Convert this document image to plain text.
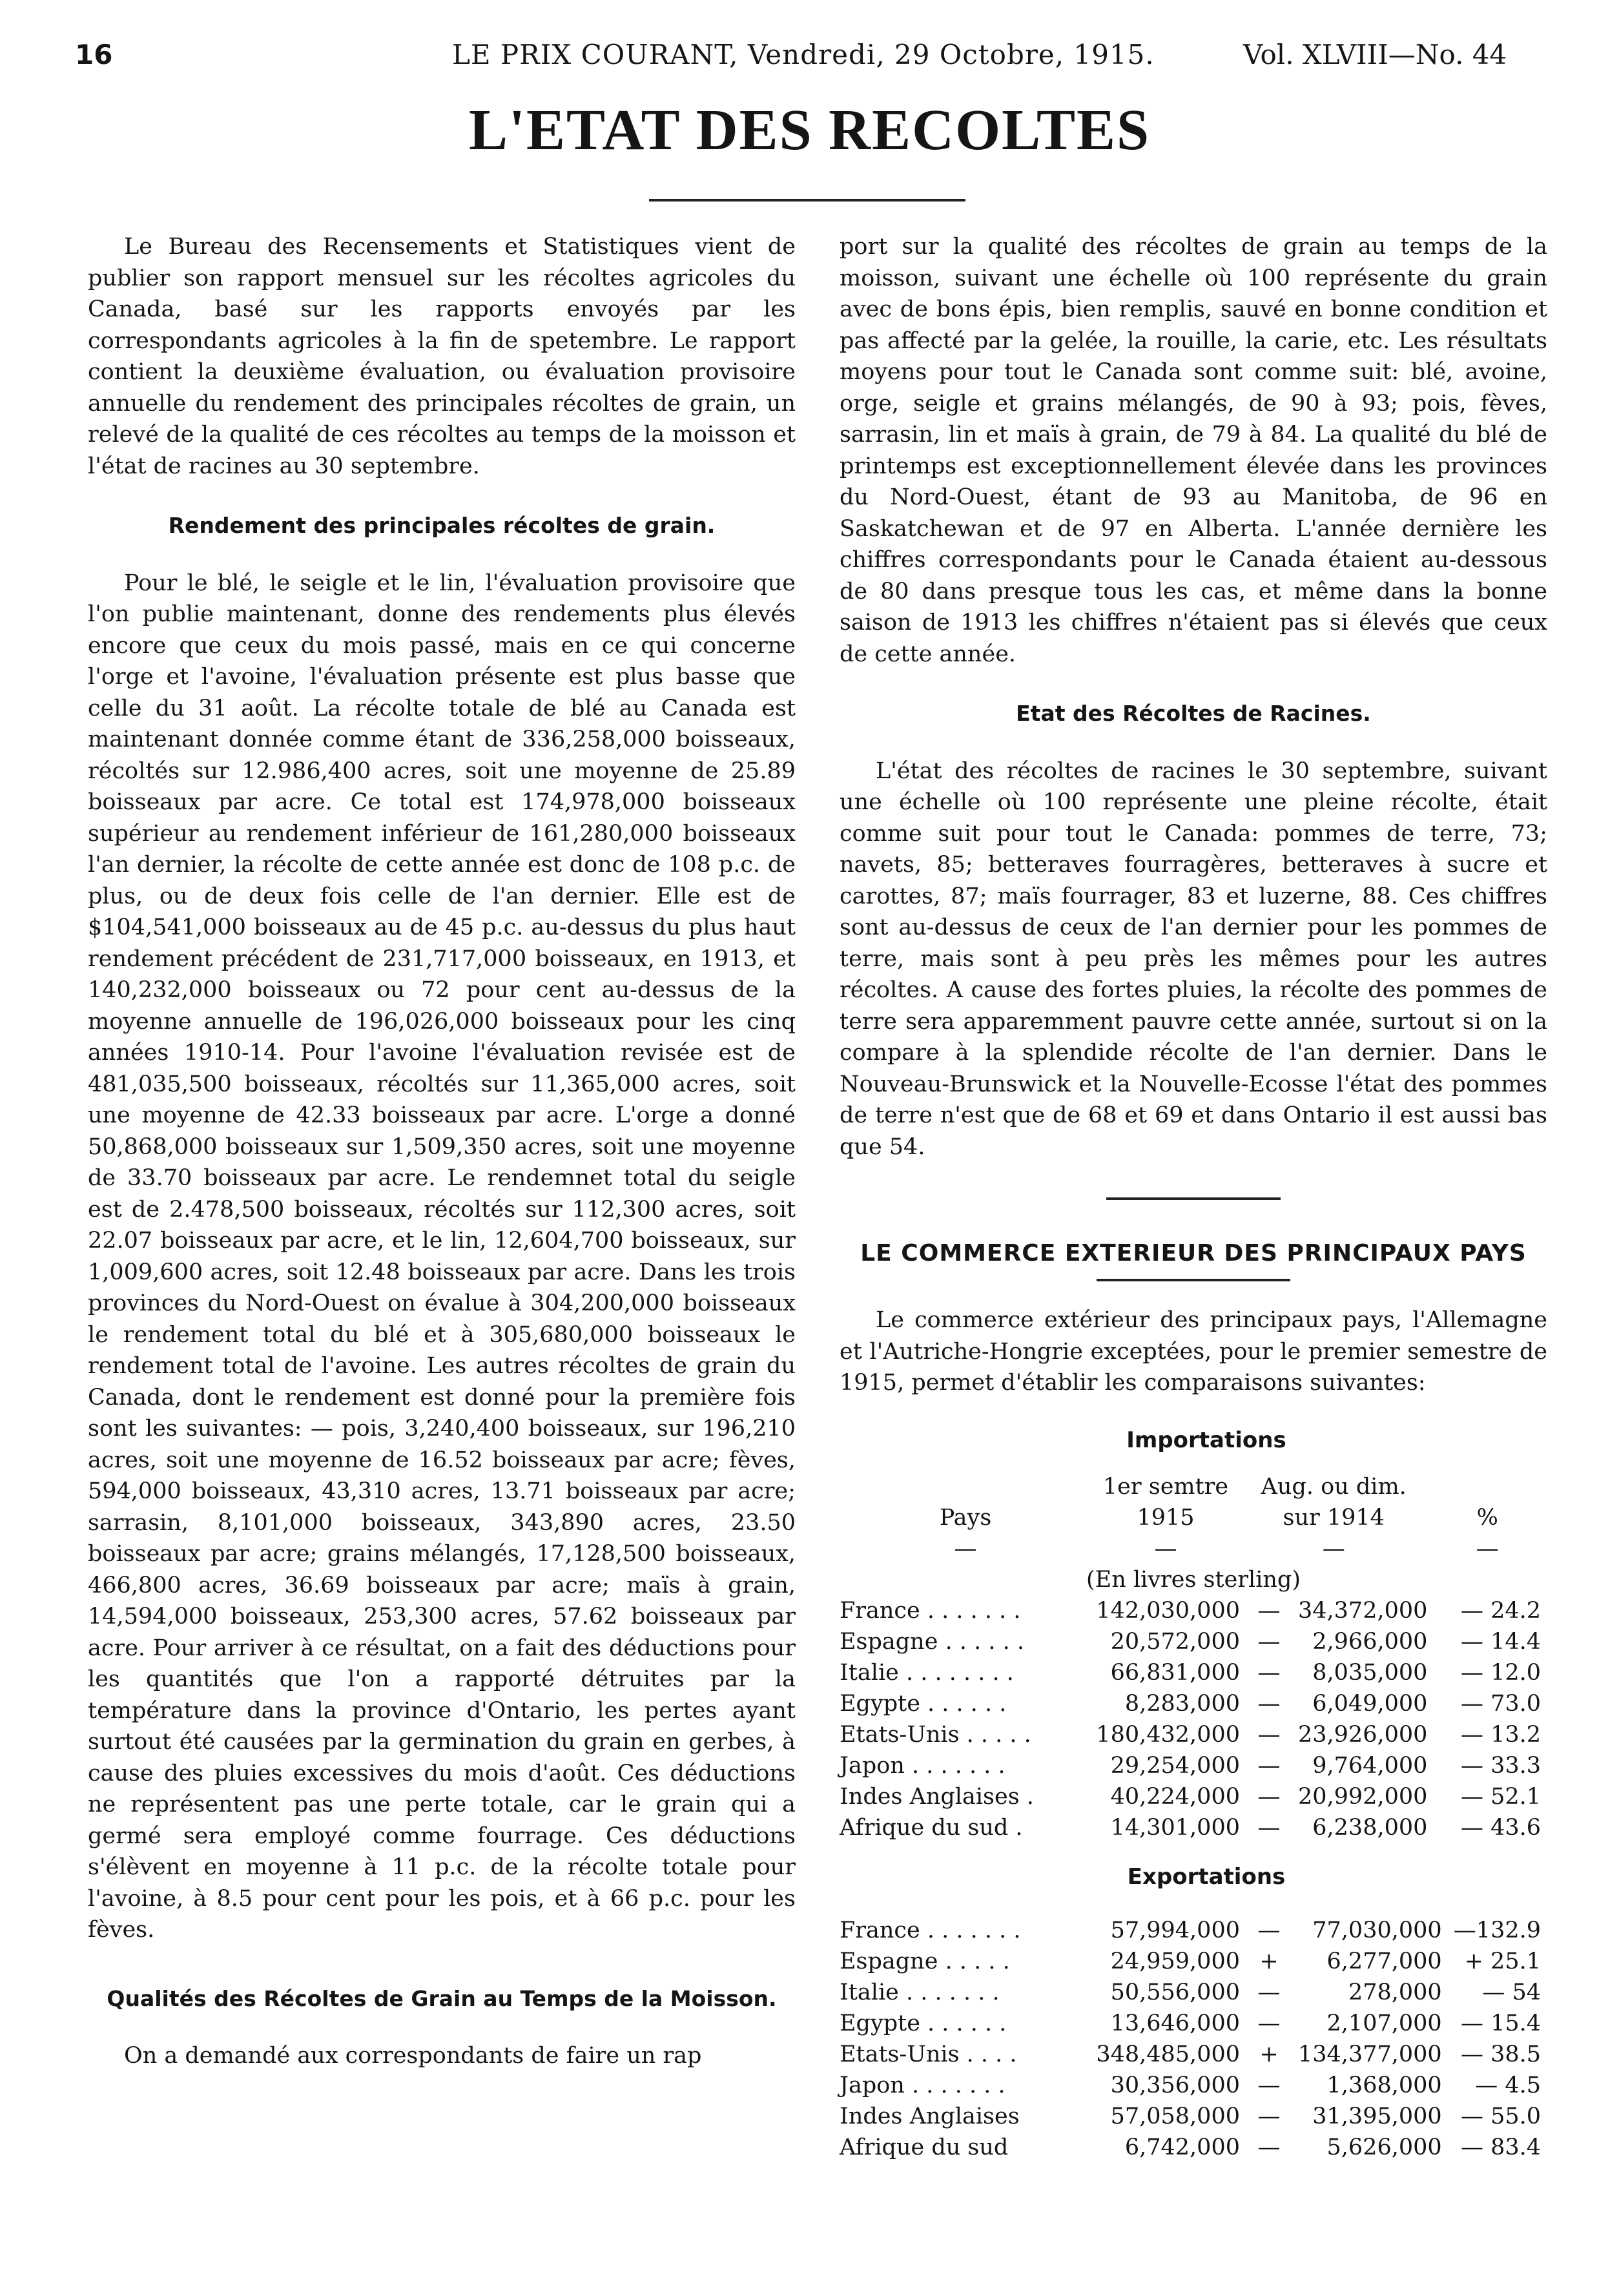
16	LE PRIX COURANT, Vendredi, 29 Octobre, 1915.	Vol. XLVIII—No. 44
L'ETAT DES RECOLTES

Le Bureau des Recensements et Statistiques vient de publier son rapport mensuel sur les récoltes agricoles du Canada, basé sur les rapports envoyés par les correspondants agricoles à la fin de spetembre. Le rapport contient la deuxième évaluation, ou évaluation provisoire annuelle du rendement des principales récoltes de grain, un relevé de la qualité de ces récoltes au temps de la moisson et l'état de racines au 30 septembre.

Rendement des principales récoltes de grain.

Pour le blé, le seigle et le lin, l'évaluation provisoire que l'on publie maintenant, donne des rendements plus élevés encore que ceux du mois passé, mais en ce qui concerne l'orge et l'avoine, l'évaluation présente est plus basse que celle du 31 août. La récolte totale de blé au Canada est maintenant donnée comme étant de 336,258,000 boisseaux, récoltés sur 12.986,400 acres, soit une moyenne de 25.89 boisseaux par acre. Ce total est 174,978,000 boisseaux supérieur au rendement inférieur de 161,280,000 boisseaux l'an dernier, la récolte de cette année est donc de 108 p.c. de plus, ou de deux fois celle de l'an dernier. Elle est de $104,541,000 boisseaux au de 45 p.c. au-dessus du plus haut rendement précédent de 231,717,000 boisseaux, en 1913, et 140,232,000 boisseaux ou 72 pour cent au-dessus de la moyenne annuelle de 196,026,000 boisseaux pour les cinq années 1910-14. Pour l'avoine l'évaluation revisée est de 481,035,500 boisseaux, récoltés sur 11,365,000 acres, soit une moyenne de 42.33 boisseaux par acre. L'orge a donné 50,868,000 boisseaux sur 1,509,350 acres, soit une moyenne de 33.70 boisseaux par acre. Le rendemnet total du seigle est de 2.478,500 boisseaux, récoltés sur 112,300 acres, soit 22.07 boisseaux par acre, et le lin, 12,604,700 boisseaux, sur 1,009,600 acres, soit 12.48 boisseaux par acre. Dans les trois provinces du Nord-Ouest on évalue à 304,200,000 boisseaux le rendement total du blé et à 305,680,000 boisseaux le rendement total de l'avoine. Les autres récoltes de grain du Canada, dont le rendement est donné pour la première fois sont les suivantes: — pois, 3,240,400 boisseaux, sur 196,210 acres, soit une moyenne de 16.52 boisseaux par acre; fèves, 594,000 boisseaux, 43,310 acres, 13.71 boisseaux par acre; sarrasin, 8,101,000 boisseaux, 343,890 acres, 23.50 boisseaux par acre; grains mélangés, 17,128,500 boisseaux, 466,800 acres, 36.69 boisseaux par acre; maïs à grain, 14,594,000 boisseaux, 253,300 acres, 57.62 boisseaux par acre. Pour arriver à ce résultat, on a fait des déductions pour les quantités que l'on a rapporté détruites par la température dans la province d'Ontario, les pertes ayant surtout été causées par la germination du grain en gerbes, à cause des pluies excessives du mois d'août. Ces déductions ne représentent pas une perte totale, car le grain qui a germé sera employé comme fourrage. Ces déductions s'élèvent en moyenne à 11 p.c. de la récolte totale pour l'avoine, à 8.5 pour cent pour les pois, et à 66 p.c. pour les fèves.

Qualités des Récoltes de Grain au Temps de la Moisson.

On a demandé aux correspondants de faire un rap

port sur la qualité des récoltes de grain au temps de la moisson, suivant une échelle où 100 représente du grain avec de bons épis, bien remplis, sauvé en bonne condition et pas affecté par la gelée, la rouille, la carie, etc. Les résultats moyens pour tout le Canada sont comme suit: blé, avoine, orge, seigle et grains mélangés, de 90 à 93; pois, fèves, sarrasin, lin et maïs à grain, de 79 à 84. La qualité du blé de printemps est exceptionnellement élevée dans les provinces du Nord-Ouest, étant de 93 au Manitoba, de 96 en Saskatchewan et de 97 en Alberta. L'année dernière les chiffres correspondants pour le Canada étaient au-dessous de 80 dans presque tous les cas, et même dans la bonne saison de 1913 les chiffres n'étaient pas si élevés que ceux de cette année.

Etat des Récoltes de Racines.

L'état des récoltes de racines le 30 septembre, suivant une échelle où 100 représente une pleine récolte, était comme suit pour tout le Canada: pommes de terre, 73; navets, 85; betteraves fourragères, betteraves à sucre et carottes, 87; maïs fourrager, 83 et luzerne, 88. Ces chiffres sont au-dessus de ceux de l'an dernier pour les pommes de terre, mais sont à peu près les mêmes pour les autres récoltes. A cause des fortes pluies, la récolte des pommes de terre sera apparemment pauvre cette année, surtout si on la compare à la splendide récolte de l'an dernier. Dans le Nouveau-Brunswick et la Nouvelle-Ecosse l'état des pommes de terre n'est que de 68 et 69 et dans Ontario il est aussi bas que 54.

LE COMMERCE EXTERIEUR DES PRINCIPAUX PAYS

Le commerce extérieur des principaux pays, l'Allemagne et l'Autriche-Hongrie exceptées, pour le premier semestre de 1915, permet d'établir les comparaisons suivantes:

Importations
	1er semtre	Aug. ou dim.		
Pays	1915	sur 1914		%
—	—	—		—
(En livres sterling)				
France . . . . . . .	142,030,000	—	34,372,000	— 24.2
Espagne . . . . . .	20,572,000	—	2,966,000	— 14.4
Italie . . . . . . . .	66,831,000	—	8,035,000	— 12.0
Egypte . . . . . .	8,283,000	—	6,049,000	— 73.0
Etats-Unis . . . . .	180,432,000	—	23,926,000	— 13.2
Japon . . . . . . .	29,254,000	—	9,764,000	— 33.3
Indes Anglaises .	40,224,000	—	20,992,000	— 52.1
Afrique du sud .	14,301,000	—	6,238,000	— 43.6
Exportations
France . . . . . . .	57,994,000	—	77,030,000	—132.9
Espagne . . . . .	24,959,000	+	6,277,000	+ 25.1
Italie . . . . . . .	50,556,000	—	278,000	— 54
Egypte . . . . . .	13,646,000	—	2,107,000	— 15.4
Etats-Unis . . . .	348,485,000	+	134,377,000	— 38.5
Japon . . . . . . .	30,356,000	—	1,368,000	— 4.5
Indes Anglaises	57,058,000	—	31,395,000	— 55.0
Afrique du sud	6,742,000	—	5,626,000	— 83.4
